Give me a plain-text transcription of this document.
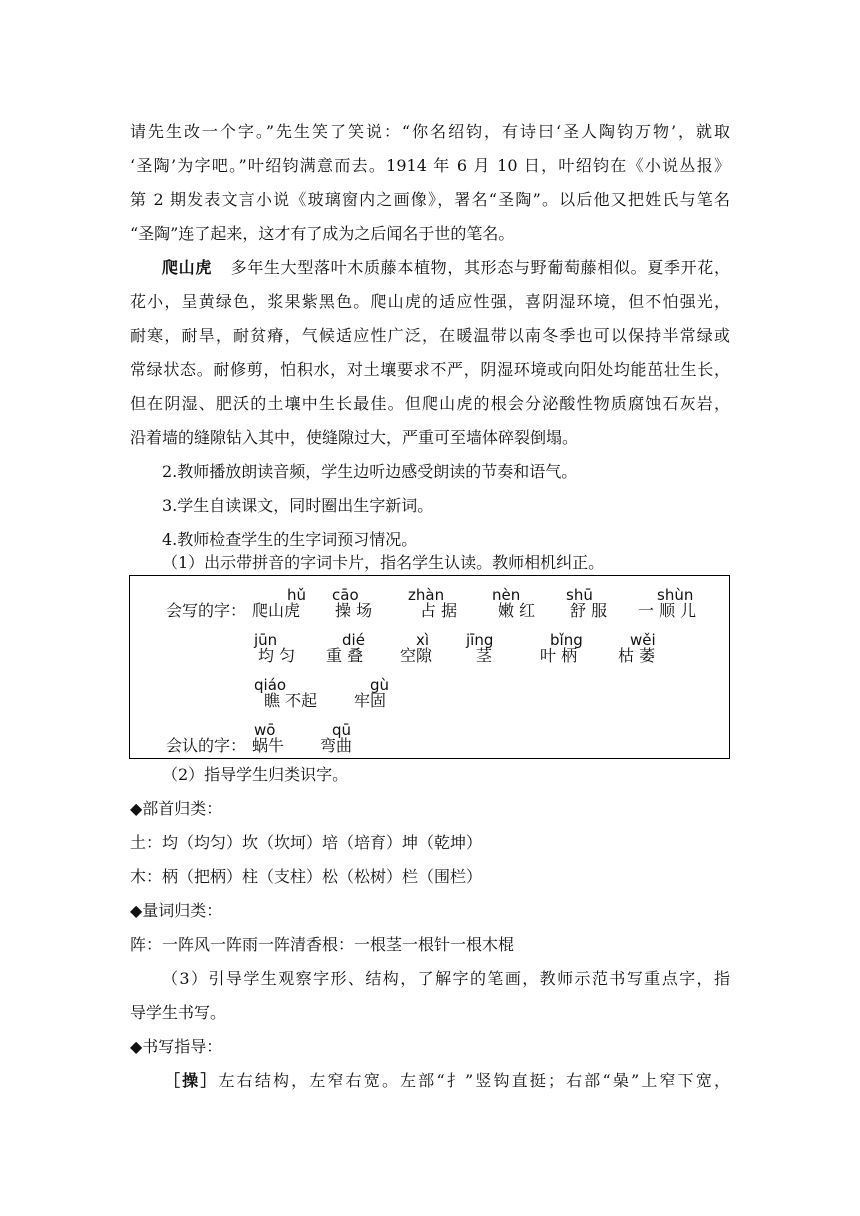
请先生改一个字。”先生笑了笑说：“你名绍钧，有诗曰‘圣人陶钧万物’，就取
‘圣陶’为字吧。”叶绍钧满意而去。1914 年 6 月 10 日，叶绍钧在《小说丛报》
第 2 期发表文言小说《玻璃窗内之画像》，署名“圣陶”。以后他又把姓氏与笔名
“圣陶”连了起来，这才有了成为之后闻名于世的笔名。
爬山虎 多年生大型落叶木质藤本植物，其形态与野葡萄藤相似。夏季开花，
花小，呈黄绿色，浆果紫黑色。爬山虎的适应性强，喜阴湿环境，但不怕强光，
耐寒，耐旱，耐贫瘠，气候适应性广泛，在暖温带以南冬季也可以保持半常绿或
常绿状态。耐修剪，怕积水，对土壤要求不严，阴湿环境或向阳处均能茁壮生长，
但在阴湿、肥沃的土壤中生长最佳。但爬山虎的根会分泌酸性物质腐蚀石灰岩，
沿着墙的缝隙钻入其中，使缝隙过大，严重可至墙体碎裂倒塌。
2.教师播放朗读音频，学生边听边感受朗读的节奏和语气。
3.学生自读课文，同时圈出生字新词。
4.教师检查学生的生字词预习情况。
（1）出示带拼音的字词卡片，指名学生认读。教师相机纠正。
hǔ cāo	zhàn	nèn	shū	shùn
会写的字： 爬山虎 操 场	占 据	嫩 红 舒 服 一 顺 儿
jūn	dié	xì jīng	bǐng	wěi
均 匀 重 叠 空隙	茎	叶 柄	枯 萎
qiáo	gù
瞧 不起 牢固
wō	qū
会认的字： 蜗牛 弯曲
（2）指导学生归类识字。
◆部首归类：
土：均（均匀）坎（坎坷）培（培育）坤（乾坤）
木：柄（把柄）柱（支柱）松（松树）栏（围栏）
◆量词归类：
阵：一阵风一阵雨一阵清香根：一根茎一根针一根木棍
（3）引导学生观察字形、结构，了解字的笔画，教师示范书写重点字，指
导学生书写。
◆书写指导：
［操］左右结构，左窄右宽。左部“扌”竖钩直挺；右部“喿”上窄下宽，
